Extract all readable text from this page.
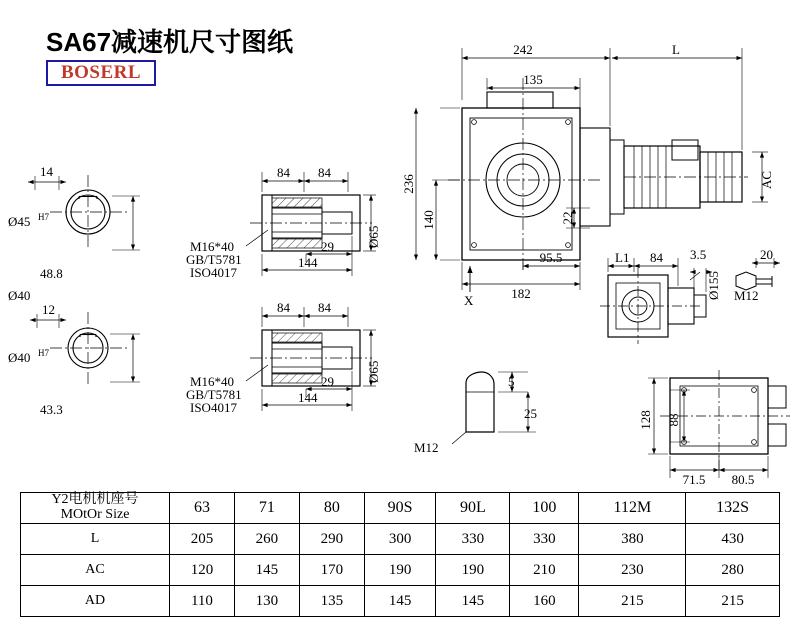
SA67减速机尺寸图纸
BOSERL
14
Ø45 H7
48.8
Ø40
12
Ø40 H7
43.3
84 84
29
144
Ø65
M16*40
GB/T5781
ISO4017
84 84
29
144
Ø65
M16*40
GB/T5781
ISO4017
242	L
135
236
140	22
95.5
182
AC
X
L1 84 3.5
Ø155
20
M12
5
25
M12
128 88
71.5 80.5
Y2电机机座号
MOtOr Size	63	71	80	90S	90L	100	112M	132S
L	205	260	290	300	330	330	380	430
AC	120	145	170	190	190	210	230	280
AD	110	130	135	145	145	160	215	215
